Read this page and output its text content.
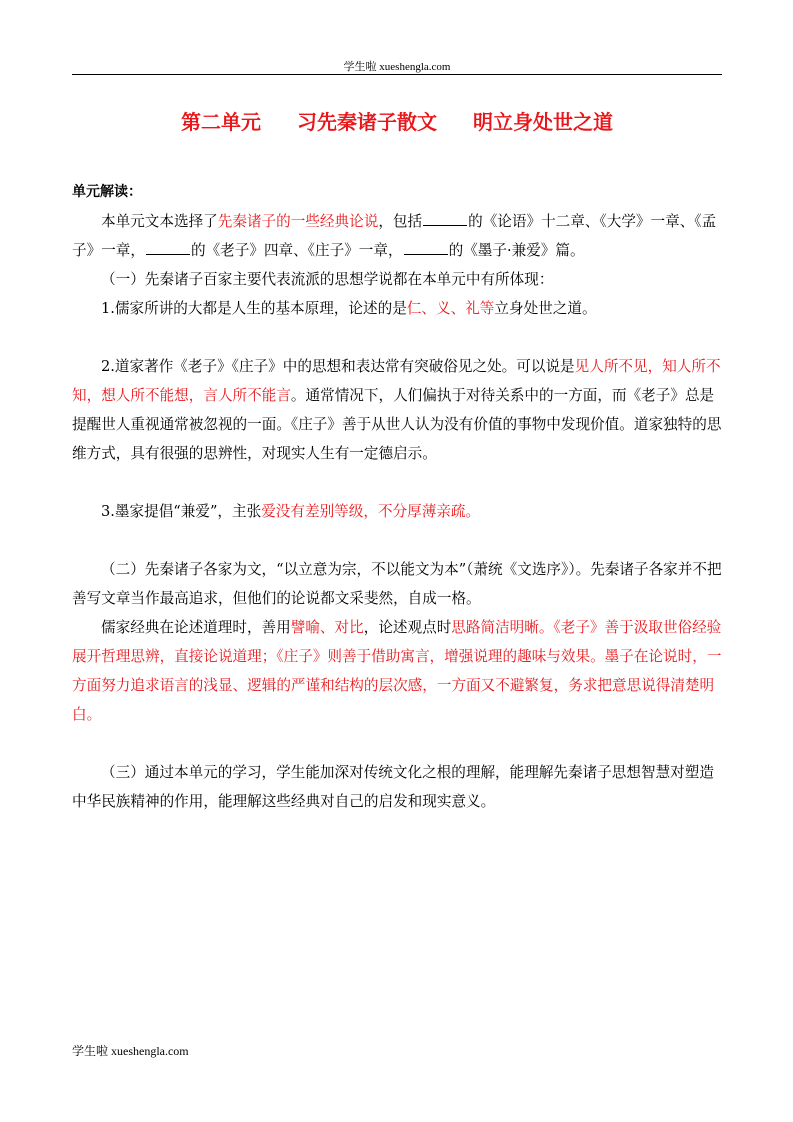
学生啦 xueshengla.com
第二单元 习先秦诸子散文 明立身处世之道

单元解读：

本单元文本选择了先秦诸子的一些经典论说，包括	的《论语》十二章、《大学》一章、《孟子》一章，	的《老子》四章、《庄子》一章，	的《墨子·兼爱》篇。

（一）先秦诸子百家主要代表流派的思想学说都在本单元中有所体现：

1.儒家所讲的大都是人生的基本原理，论述的是仁、义、礼等立身处世之道。

2.道家著作《老子》《庄子》中的思想和表达常有突破俗见之处。可以说是见人所不见，知人所不知，想人所不能想，言人所不能言。通常情况下，人们偏执于对待关系中的一方面，而《老子》总是提醒世人重视通常被忽视的一面。《庄子》善于从世人认为没有价值的事物中发现价值。道家独特的思维方式，具有很强的思辨性，对现实人生有一定德启示。

3.墨家提倡“兼爱”，主张爱没有差别等级，不分厚薄亲疏。

（二）先秦诸子各家为文，“以立意为宗，不以能文为本”（萧统《文选序》）。先秦诸子各家并不把善写文章当作最高追求，但他们的论说都文采斐然，自成一格。

儒家经典在论述道理时，善用譬喻、对比，论述观点时思路简洁明晰。《老子》善于汲取世俗经验展开哲理思辨，直接论说道理；《庄子》则善于借助寓言，增强说理的趣味与效果。墨子在论说时，一方面努力追求语言的浅显、逻辑的严谨和结构的层次感，一方面又不避繁复，务求把意思说得清楚明白。

（三）通过本单元的学习，学生能加深对传统文化之根的理解，能理解先秦诸子思想智慧对塑造中华民族精神的作用，能理解这些经典对自己的启发和现实意义。

学生啦 xueshengla.com
